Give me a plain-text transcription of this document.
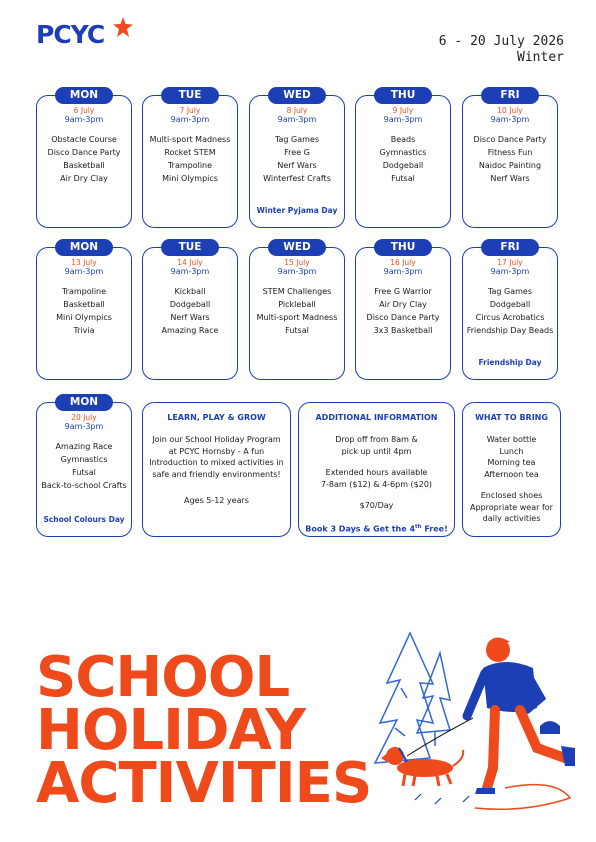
PCYC	6 - 20 July 2026
Winter
MON
6 July
9am-3pm
Obstacle Course
Disco Dance Party
Basketball
Air Dry Clay
TUE
7 July
9am-3pm
Multi-sport Madness
Rocket STEM
Trampoline
Mini Olympics
WED
8 July
9am-3pm
Tag Games
Free G
Nerf Wars
Winterfest Crafts
Winter Pyjama Day
THU
9 July
9am-3pm
Beads
Gymnastics
Dodgeball
Futsal
FRI
10 July
9am-3pm
Disco Dance Party
Fitness Fun
Naidoc Painting
Nerf Wars
MON
13 July
9am-3pm
Trampoline
Basketball
Mini Olympics
Trivia
TUE
14 July
9am-3pm
Kickball
Dodgeball
Nerf Wars
Amazing Race
WED
15 July
9am-3pm
STEM Challenges
Pickleball
Multi-sport Madness
Futsal
THU
16 July
9am-3pm
Free G Warrior
Air Dry Clay
Disco Dance Party
3x3 Basketball
FRI
17 July
9am-3pm
Tag Games
Dodgeball
Circus Acrobatics
Friendship Day Beads
Friendship Day
MON
20 July
9am-3pm
Amazing Race
Gymnastics
Futsal
Back-to-school Crafts
School Colours Day
LEARN, PLAY & GROW
Join our School Holiday Program
at PCYC Hornsby - A fun
Introduction to mixed activities in
safe and friendly environments!
Ages 5-12 years
ADDITIONAL INFORMATION
Drop off from 8am &
pick up until 4pm
Extended hours available
7-8am ($12) & 4-6pm ($20)
$70/Day
Book 3 Days & Get the 4th Free!
WHAT TO BRING
Water bottle
Lunch
Morning tea
Afternoon tea
Enclosed shoes
Appropriate wear for
daily activities
SCHOOL
HOLIDAY
ACTIVITIES
